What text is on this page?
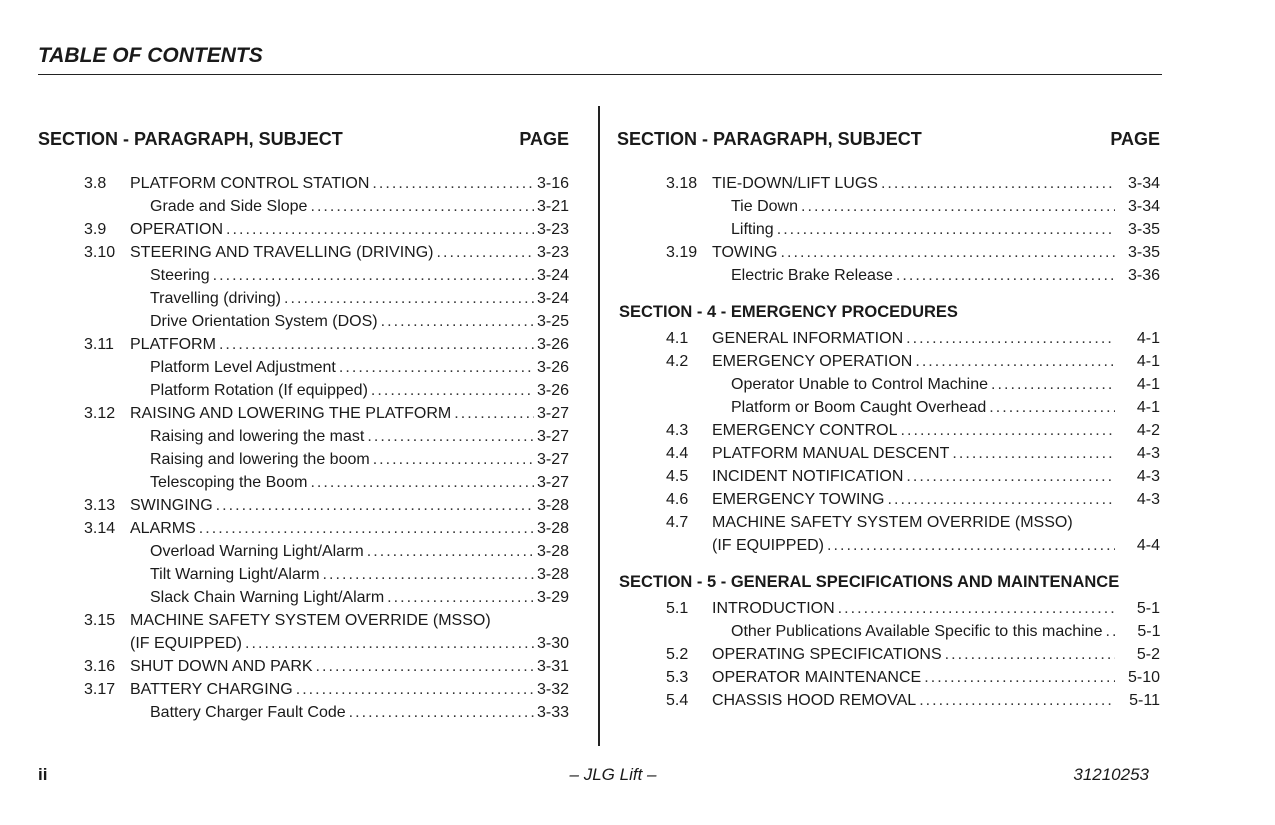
TABLE OF CONTENTS
SECTION - PARAGRAPH, SUBJECT	PAGE
3.8	PLATFORM CONTROL STATION . . .	3-16
Grade and Side Slope . . .	3-21
3.9	OPERATION . . .	3-23
3.10 STEERING AND TRAVELLING (DRIVING) . . .	3-23
Steering . . .	3-24
Travelling (driving) . . .	3-24
Drive Orientation System (DOS) . . .	3-25
3.11	PLATFORM . . .	3-26
Platform Level Adjustment . . .	3-26
Platform Rotation (If equipped) . . .	3-26
3.12 RAISING AND LOWERING THE PLATFORM . . .	3-27
Raising and lowering the mast . . .	3-27
Raising and lowering the boom . . .	3-27
Telescoping the Boom . . .	3-27
3.13 SWINGING . . .	3-28
3.14 ALARMS . . .	3-28
Overload Warning Light/Alarm . . .	3-28
Tilt Warning Light/Alarm . . .	3-28
Slack Chain Warning Light/Alarm . . .	3-29
3.15 MACHINE SAFETY SYSTEM OVERRIDE (MSSO)
(IF EQUIPPED) . . .	3-30
3.16 SHUT DOWN AND PARK . . .	3-31
3.17 BATTERY CHARGING . . .	3-32
Battery Charger Fault Code . . .	3-33
SECTION - PARAGRAPH, SUBJECT	PAGE
3.18 TIE-DOWN/LIFT LUGS . . .	3-34
Tie Down . . .	3-34
Lifting . . .	3-35
3.19 TOWING . . .	3-35
Electric Brake Release . . .	3-36
SECTION - 4 - EMERGENCY PROCEDURES
4.1	GENERAL INFORMATION . . .	4-1
4.2	EMERGENCY OPERATION . . .	4-1
Operator Unable to Control Machine . . .	4-1
Platform or Boom Caught Overhead . . .	4-1
4.3	EMERGENCY CONTROL . . .	4-2
4.4	PLATFORM MANUAL DESCENT . . .	4-3
4.5	INCIDENT NOTIFICATION . . .	4-3
4.6	EMERGENCY TOWING . . .	4-3
4.7	MACHINE SAFETY SYSTEM OVERRIDE (MSSO)
(IF EQUIPPED) . . .	4-4
SECTION - 5 - GENERAL SPECIFICATIONS AND MAINTENANCE
5.1	INTRODUCTION . . .	5-1
Other Publications Available Specific to this machine . . .	5-1
5.2	OPERATING SPECIFICATIONS . . .	5-2
5.3	OPERATOR MAINTENANCE . . .	5-10
5.4	CHASSIS HOOD REMOVAL . . .	5-11
ii	– JLG Lift –	31210253
